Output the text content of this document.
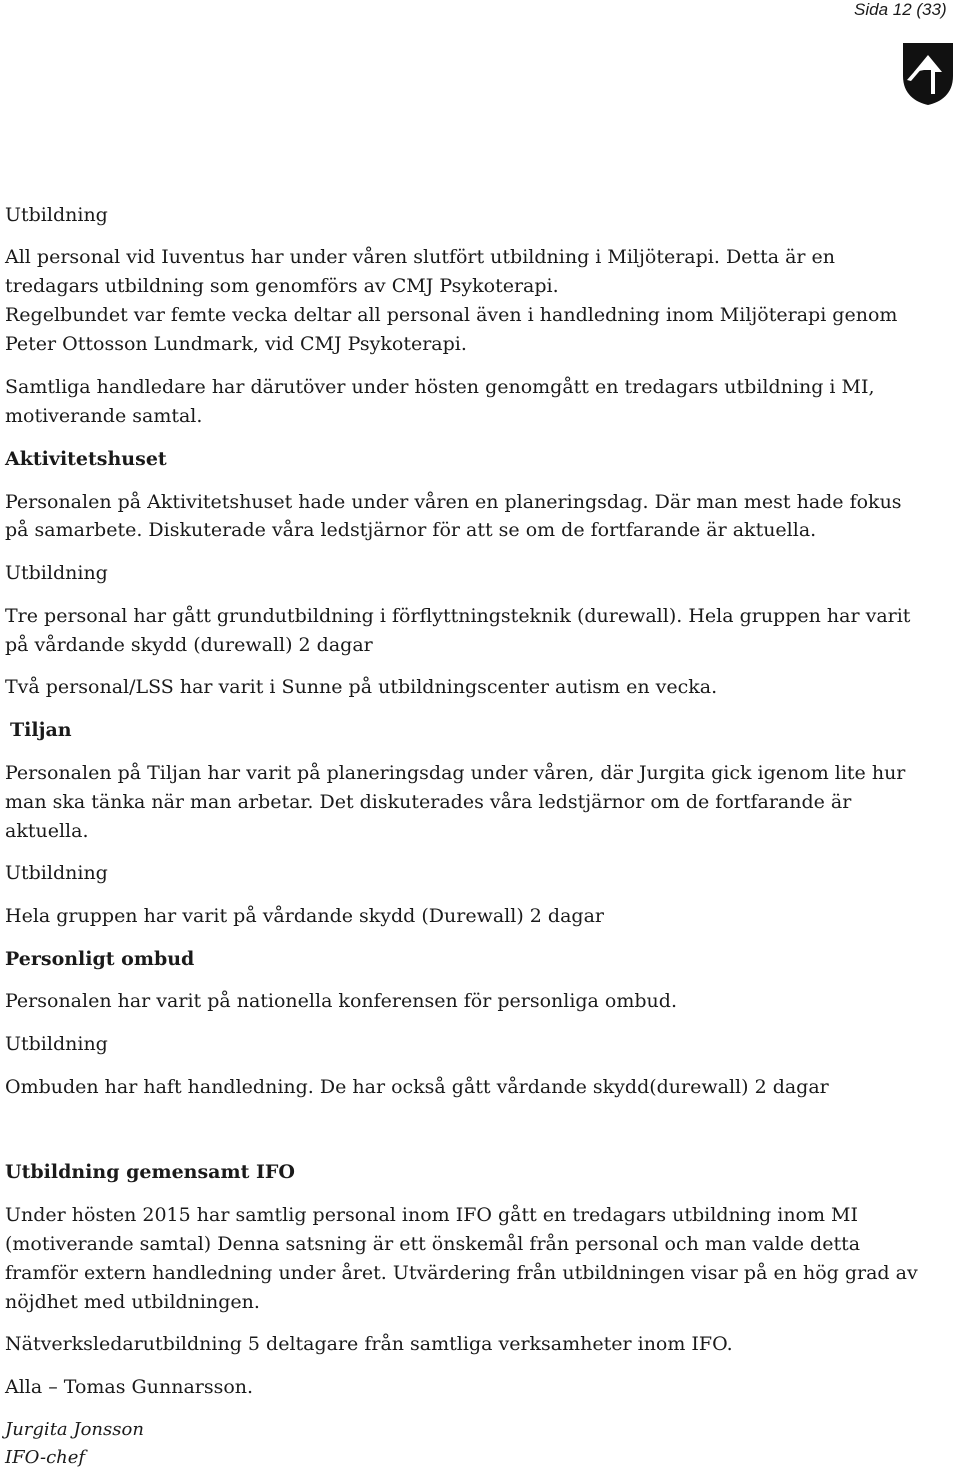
Sida 12 (33)
Utbildning
All personal vid Iuventus har under våren slutfört utbildning i Miljöterapi. Detta är en
tredagars utbildning som genomförs av CMJ Psykoterapi.
Regelbundet var femte vecka deltar all personal även i handledning inom Miljöterapi genom
Peter Ottosson Lundmark, vid CMJ Psykoterapi.
Samtliga handledare har därutöver under hösten genomgått en tredagars utbildning i MI,
motiverande samtal.
Aktivitetshuset
Personalen på Aktivitetshuset hade under våren en planeringsdag. Där man mest hade fokus
på samarbete. Diskuterade våra ledstjärnor för att se om de fortfarande är aktuella.
Utbildning
Tre personal har gått grundutbildning i förflyttningsteknik (durewall). Hela gruppen har varit
på vårdande skydd (durewall) 2 dagar
Två personal/LSS har varit i Sunne på utbildningscenter autism en vecka.
Tiljan
Personalen på Tiljan har varit på planeringsdag under våren, där Jurgita gick igenom lite hur
man ska tänka när man arbetar. Det diskuterades våra ledstjärnor om de fortfarande är
aktuella.
Utbildning
Hela gruppen har varit på vårdande skydd (Durewall) 2 dagar
Personligt ombud
Personalen har varit på nationella konferensen för personliga ombud.
Utbildning
Ombuden har haft handledning. De har också gått vårdande skydd(durewall) 2 dagar
Utbildning gemensamt IFO
Under hösten 2015 har samtlig personal inom IFO gått en tredagars utbildning inom MI
(motiverande samtal) Denna satsning är ett önskemål från personal och man valde detta
framför extern handledning under året. Utvärdering från utbildningen visar på en hög grad av
nöjdhet med utbildningen.
Nätverksledarutbildning 5 deltagare från samtliga verksamheter inom IFO.
Alla – Tomas Gunnarsson.
Jurgita Jonsson
IFO-chef
